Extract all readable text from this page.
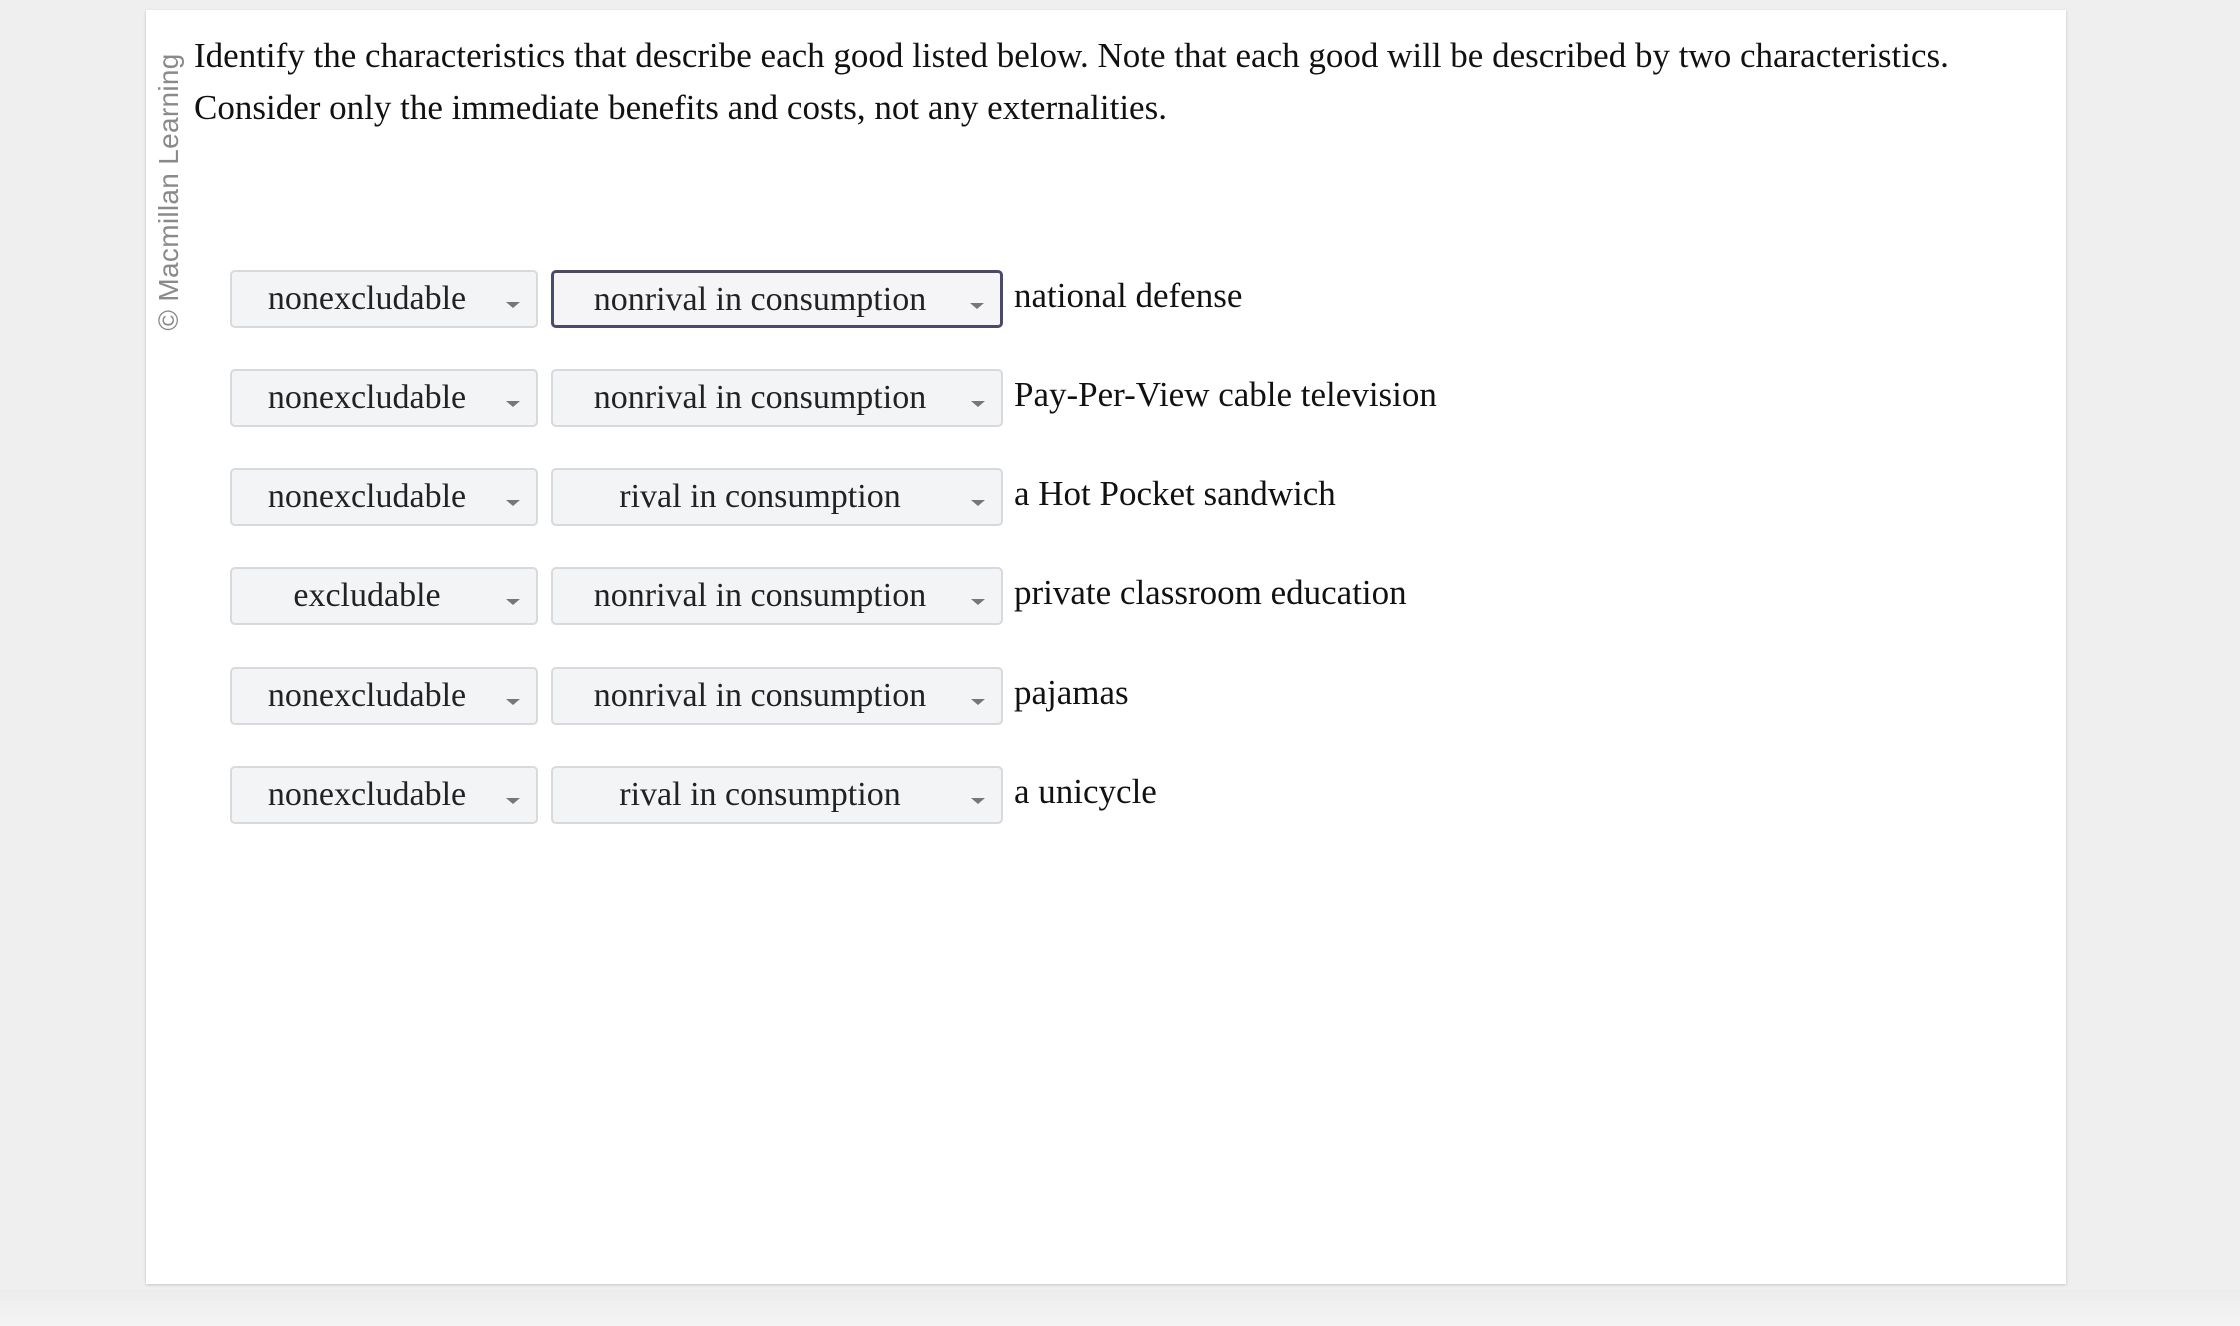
© Macmillan Learning Identify the characteristics that describe each good listed below. Note that each good will be described by two characteristics. Consider only the immediate benefits and costs, not any externalities.

nonexcludable	nonrival in consumption	national defense
nonexcludable	nonrival in consumption	Pay-Per-View cable television
nonexcludable	rival in consumption	a Hot Pocket sandwich
excludable	nonrival in consumption	private classroom education
nonexcludable	nonrival in consumption	pajamas
nonexcludable	rival in consumption	a unicycle
